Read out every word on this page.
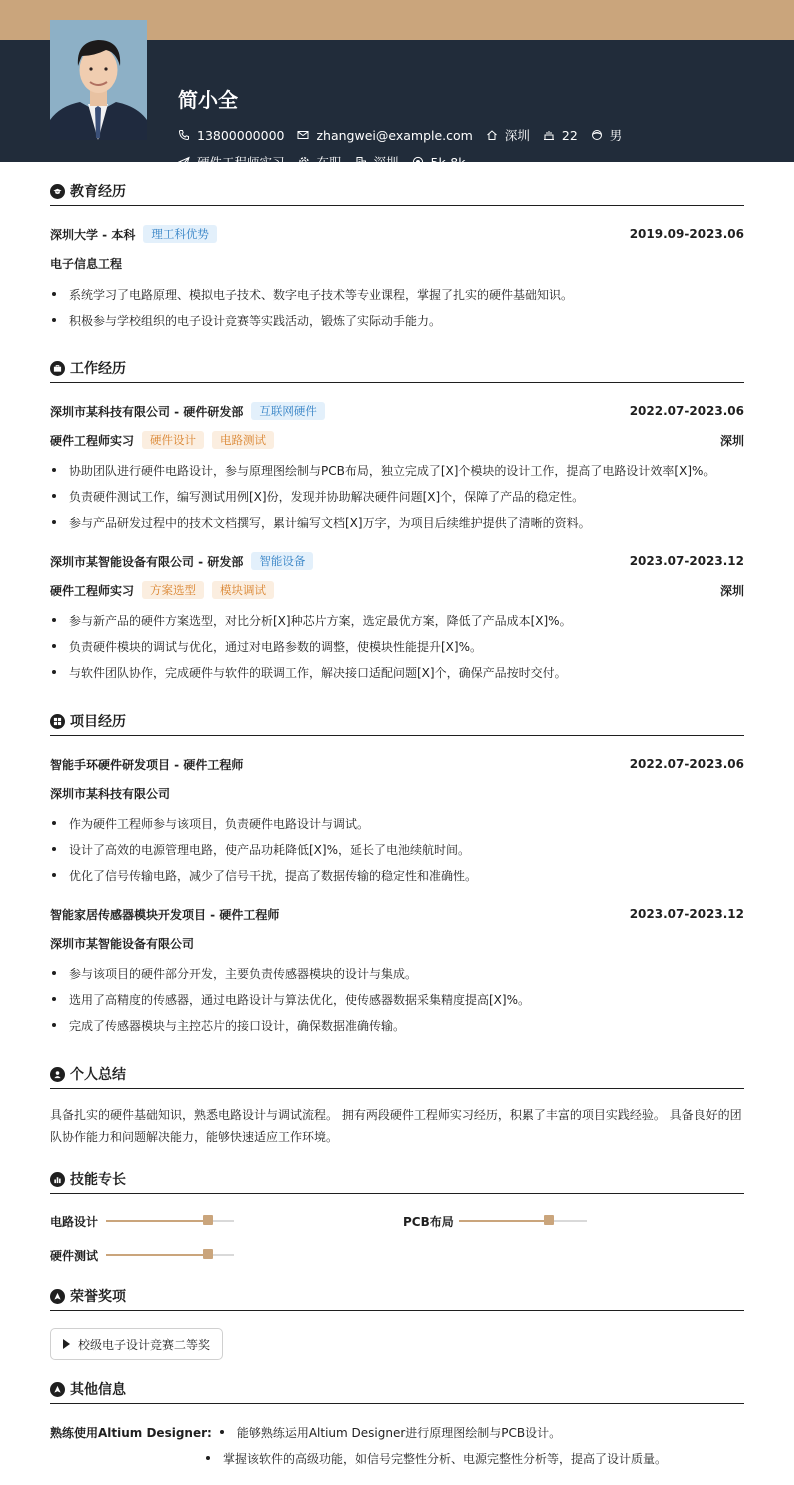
简小全
13800000000	zhangwei@example.com	深圳	22	男
硬件工程师实习	在职	深圳	5k-8k
教育经历
深圳大学 - 本科	理工科优势	2019.09-2023.06
电子信息工程
系统学习了电路原理、模拟电子技术、数字电子技术等专业课程，掌握了扎实的硬件基础知识。
积极参与学校组织的电子设计竞赛等实践活动，锻炼了实际动手能力。
工作经历
深圳市某科技有限公司 - 硬件研发部	互联网硬件	2022.07-2023.06
硬件工程师实习	硬件设计	电路测试	深圳
协助团队进行硬件电路设计，参与原理图绘制与PCB布局，独立完成了[X]个模块的设计工作，提高了电路设计效率[X]%。
负责硬件测试工作，编写测试用例[X]份，发现并协助解决硬件问题[X]个，保障了产品的稳定性。
参与产品研发过程中的技术文档撰写，累计编写文档[X]万字，为项目后续维护提供了清晰的资料。
深圳市某智能设备有限公司 - 研发部	智能设备	2023.07-2023.12
硬件工程师实习	方案选型	模块调试	深圳
参与新产品的硬件方案选型，对比分析[X]种芯片方案，选定最优方案，降低了产品成本[X]%。
负责硬件模块的调试与优化，通过对电路参数的调整，使模块性能提升[X]%。
与软件团队协作，完成硬件与软件的联调工作，解决接口适配问题[X]个，确保产品按时交付。
项目经历
智能手环硬件研发项目 - 硬件工程师	2022.07-2023.06
深圳市某科技有限公司
作为硬件工程师参与该项目，负责硬件电路设计与调试。
设计了高效的电源管理电路，使产品功耗降低[X]%，延长了电池续航时间。
优化了信号传输电路，减少了信号干扰，提高了数据传输的稳定性和准确性。
智能家居传感器模块开发项目 - 硬件工程师	2023.07-2023.12
深圳市某智能设备有限公司
参与该项目的硬件部分开发，主要负责传感器模块的设计与集成。
选用了高精度的传感器，通过电路设计与算法优化，使传感器数据采集精度提高[X]%。
完成了传感器模块与主控芯片的接口设计，确保数据准确传输。
个人总结
具备扎实的硬件基础知识，熟悉电路设计与调试流程。 拥有两段硬件工程师实习经历，积累了丰富的项目实践经验。 具备良好的团
队协作能力和问题解决能力，能够快速适应工作环境。
技能专长
电路设计	PCB布局
硬件测试
荣誉奖项
校级电子设计竞赛二等奖
其他信息
熟练使用Altium Designer: 能够熟练运用Altium Designer进行原理图绘制与PCB设计。
掌握该软件的高级功能，如信号完整性分析、电源完整性分析等，提高了设计质量。
